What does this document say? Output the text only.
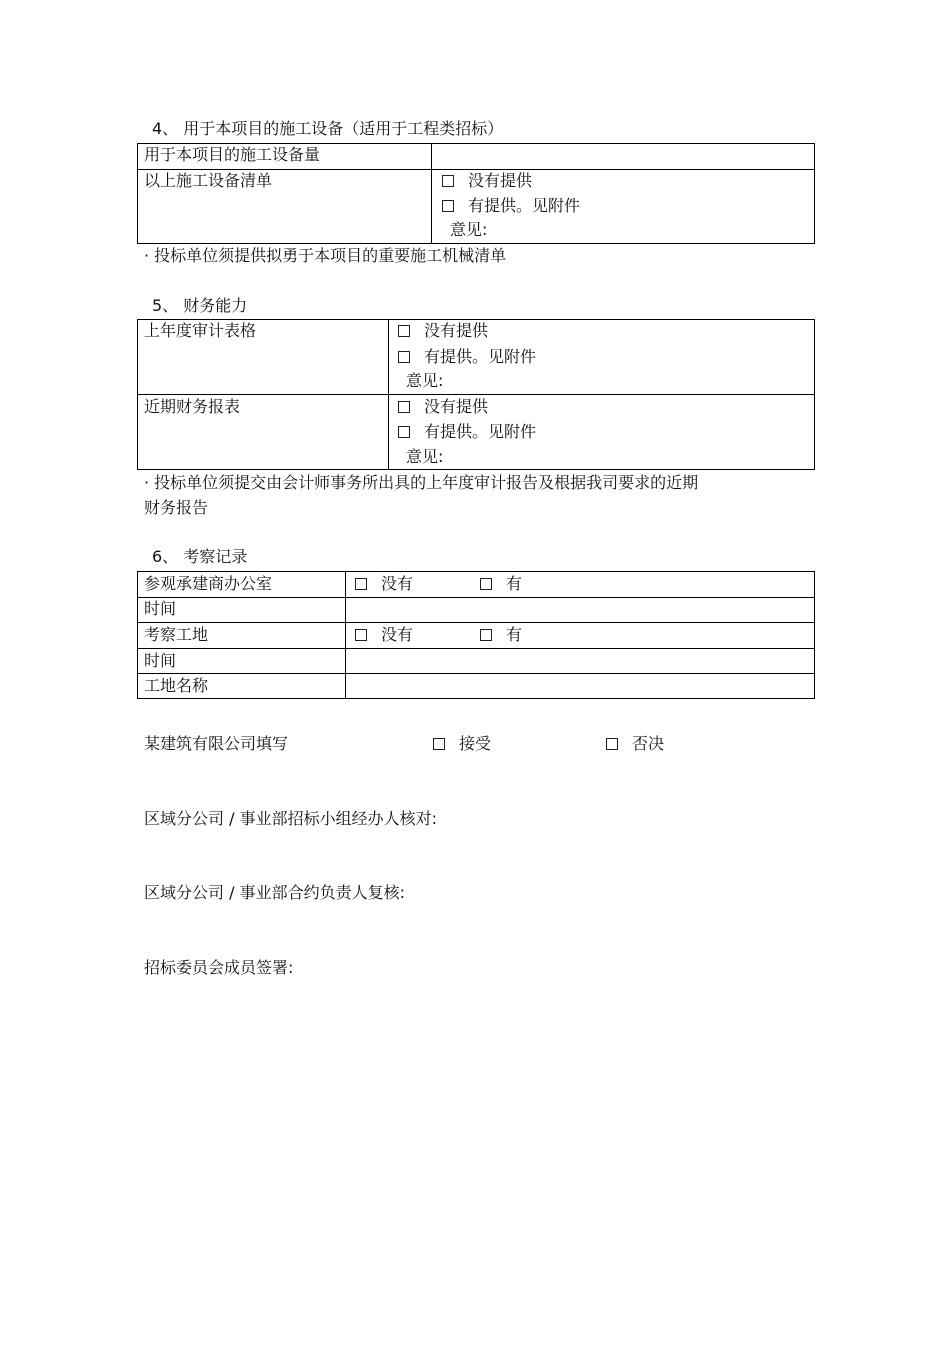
4、 用于本项目的施工设备（适用于工程类招标）
用于本项目的施工设备量
以上施工设备清单	没有提供
有提供。见附件
意见:
· 投标单位须提供拟勇于本项目的重要施工机械清单
5、 财务能力
上年度审计表格	没有提供
有提供。见附件
意见:
近期财务报表	没有提供
有提供。见附件
意见:
· 投标单位须提交由会计师事务所出具的上年度审计报告及根据我司要求的近期
财务报告
6、 考察记录
参观承建商办公室	没有	有
时间
考察工地	没有	有
时间
工地名称
某建筑有限公司填写	接受	否决
区域分公司 / 事业部招标小组经办人核对:
区域分公司 / 事业部合约负责人复核:
招标委员会成员签署:
